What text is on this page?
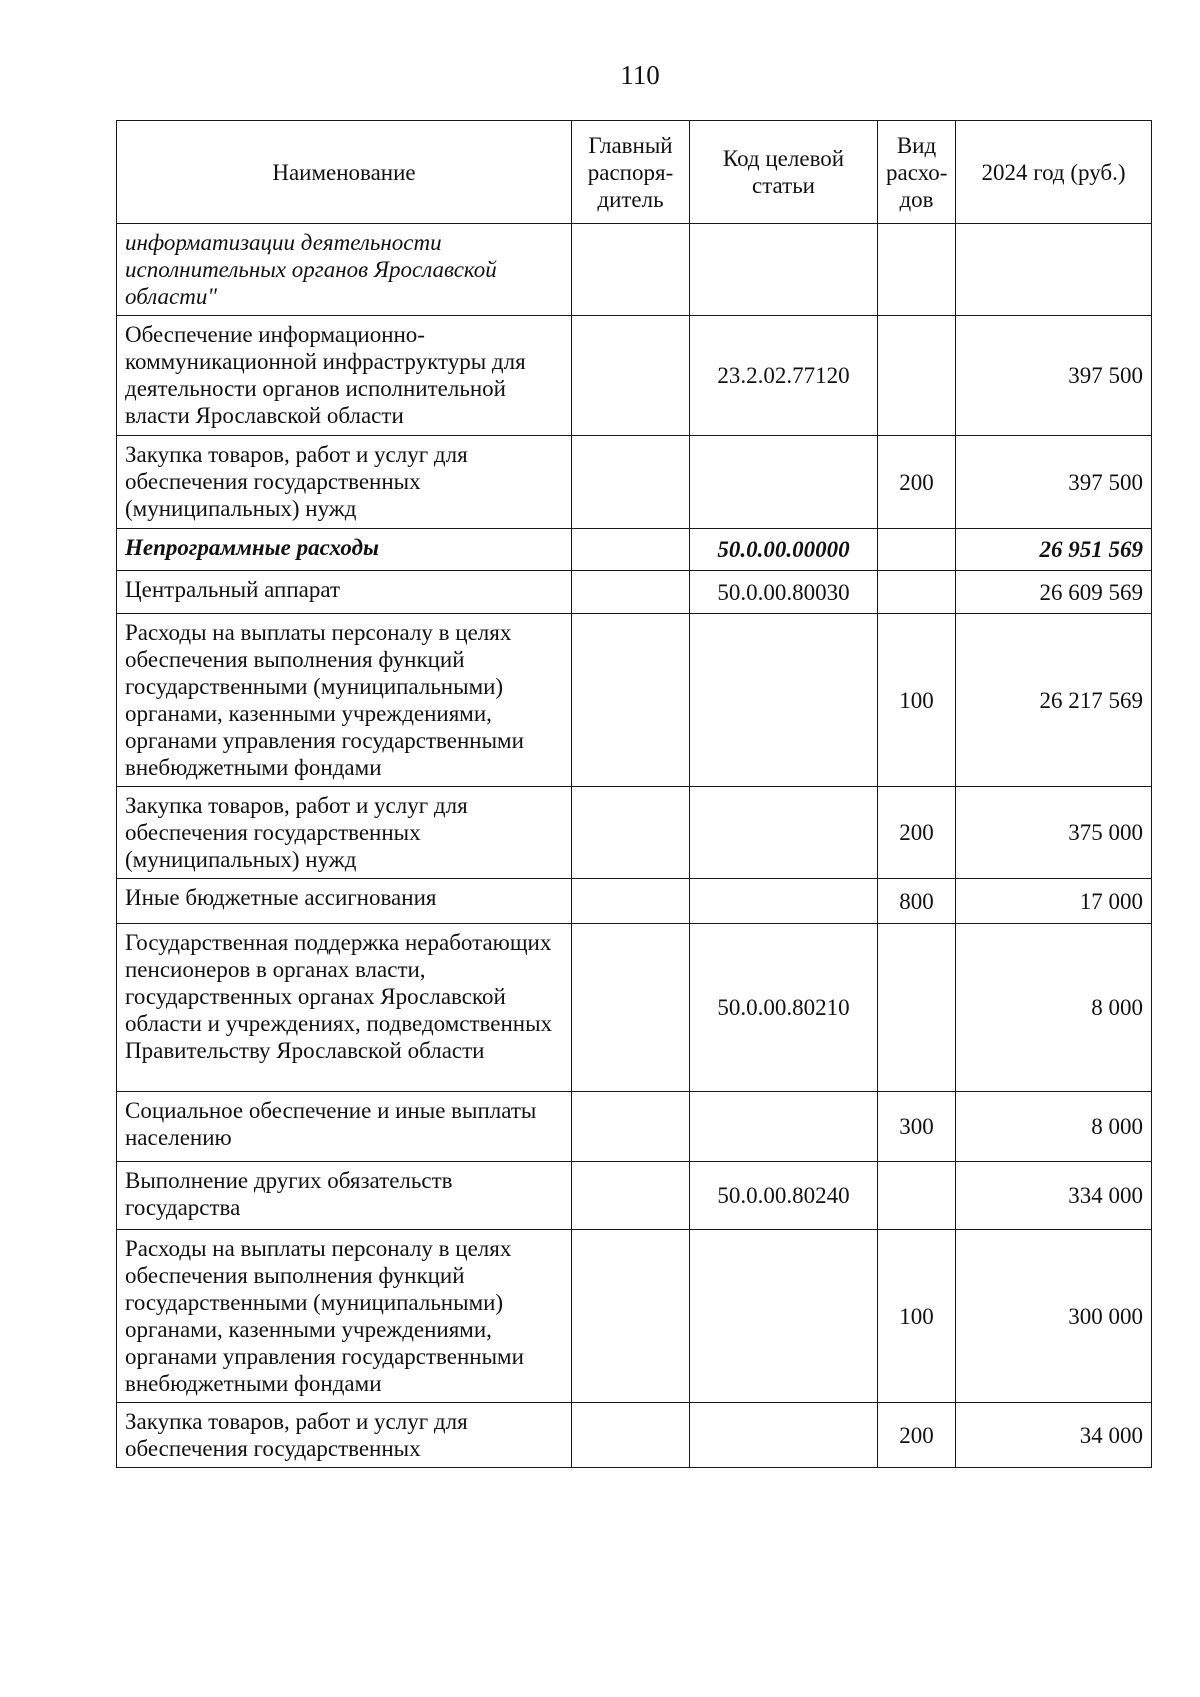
110
Наименование	Главный распоря-дитель	Код целевой статьи	Вид расхо-дов	2024 год (руб.)
информатизации деятельности исполнительных органов Ярославской области"				
Обеспечение информационно-коммуникационной инфраструктуры для деятельности органов исполнительной власти Ярославской области		23.2.02.77120		397 500
Закупка товаров, работ и услуг для обеспечения государственных (муниципальных) нужд			200	397 500
Непрограммные расходы		50.0.00.00000		26 951 569
Центральный аппарат		50.0.00.80030		26 609 569
Расходы на выплаты персоналу в целях обеспечения выполнения функций государственными (муниципальными) органами, казенными учреждениями, органами управления государственными внебюджетными фондами			100	26 217 569
Закупка товаров, работ и услуг для обеспечения государственных (муниципальных) нужд			200	375 000
Иные бюджетные ассигнования			800	17 000
Государственная поддержка неработающих пенсионеров в органах власти, государственных органах Ярославской области и учреждениях, подведомственных Правительству Ярославской области		50.0.00.80210		8 000
Социальное обеспечение и иные выплаты населению			300	8 000
Выполнение других обязательств государства		50.0.00.80240		334 000
Расходы на выплаты персоналу в целях обеспечения выполнения функций государственными (муниципальными) органами, казенными учреждениями, органами управления государственными внебюджетными фондами			100	300 000
Закупка товаров, работ и услуг для обеспечения государственных			200	34 000
